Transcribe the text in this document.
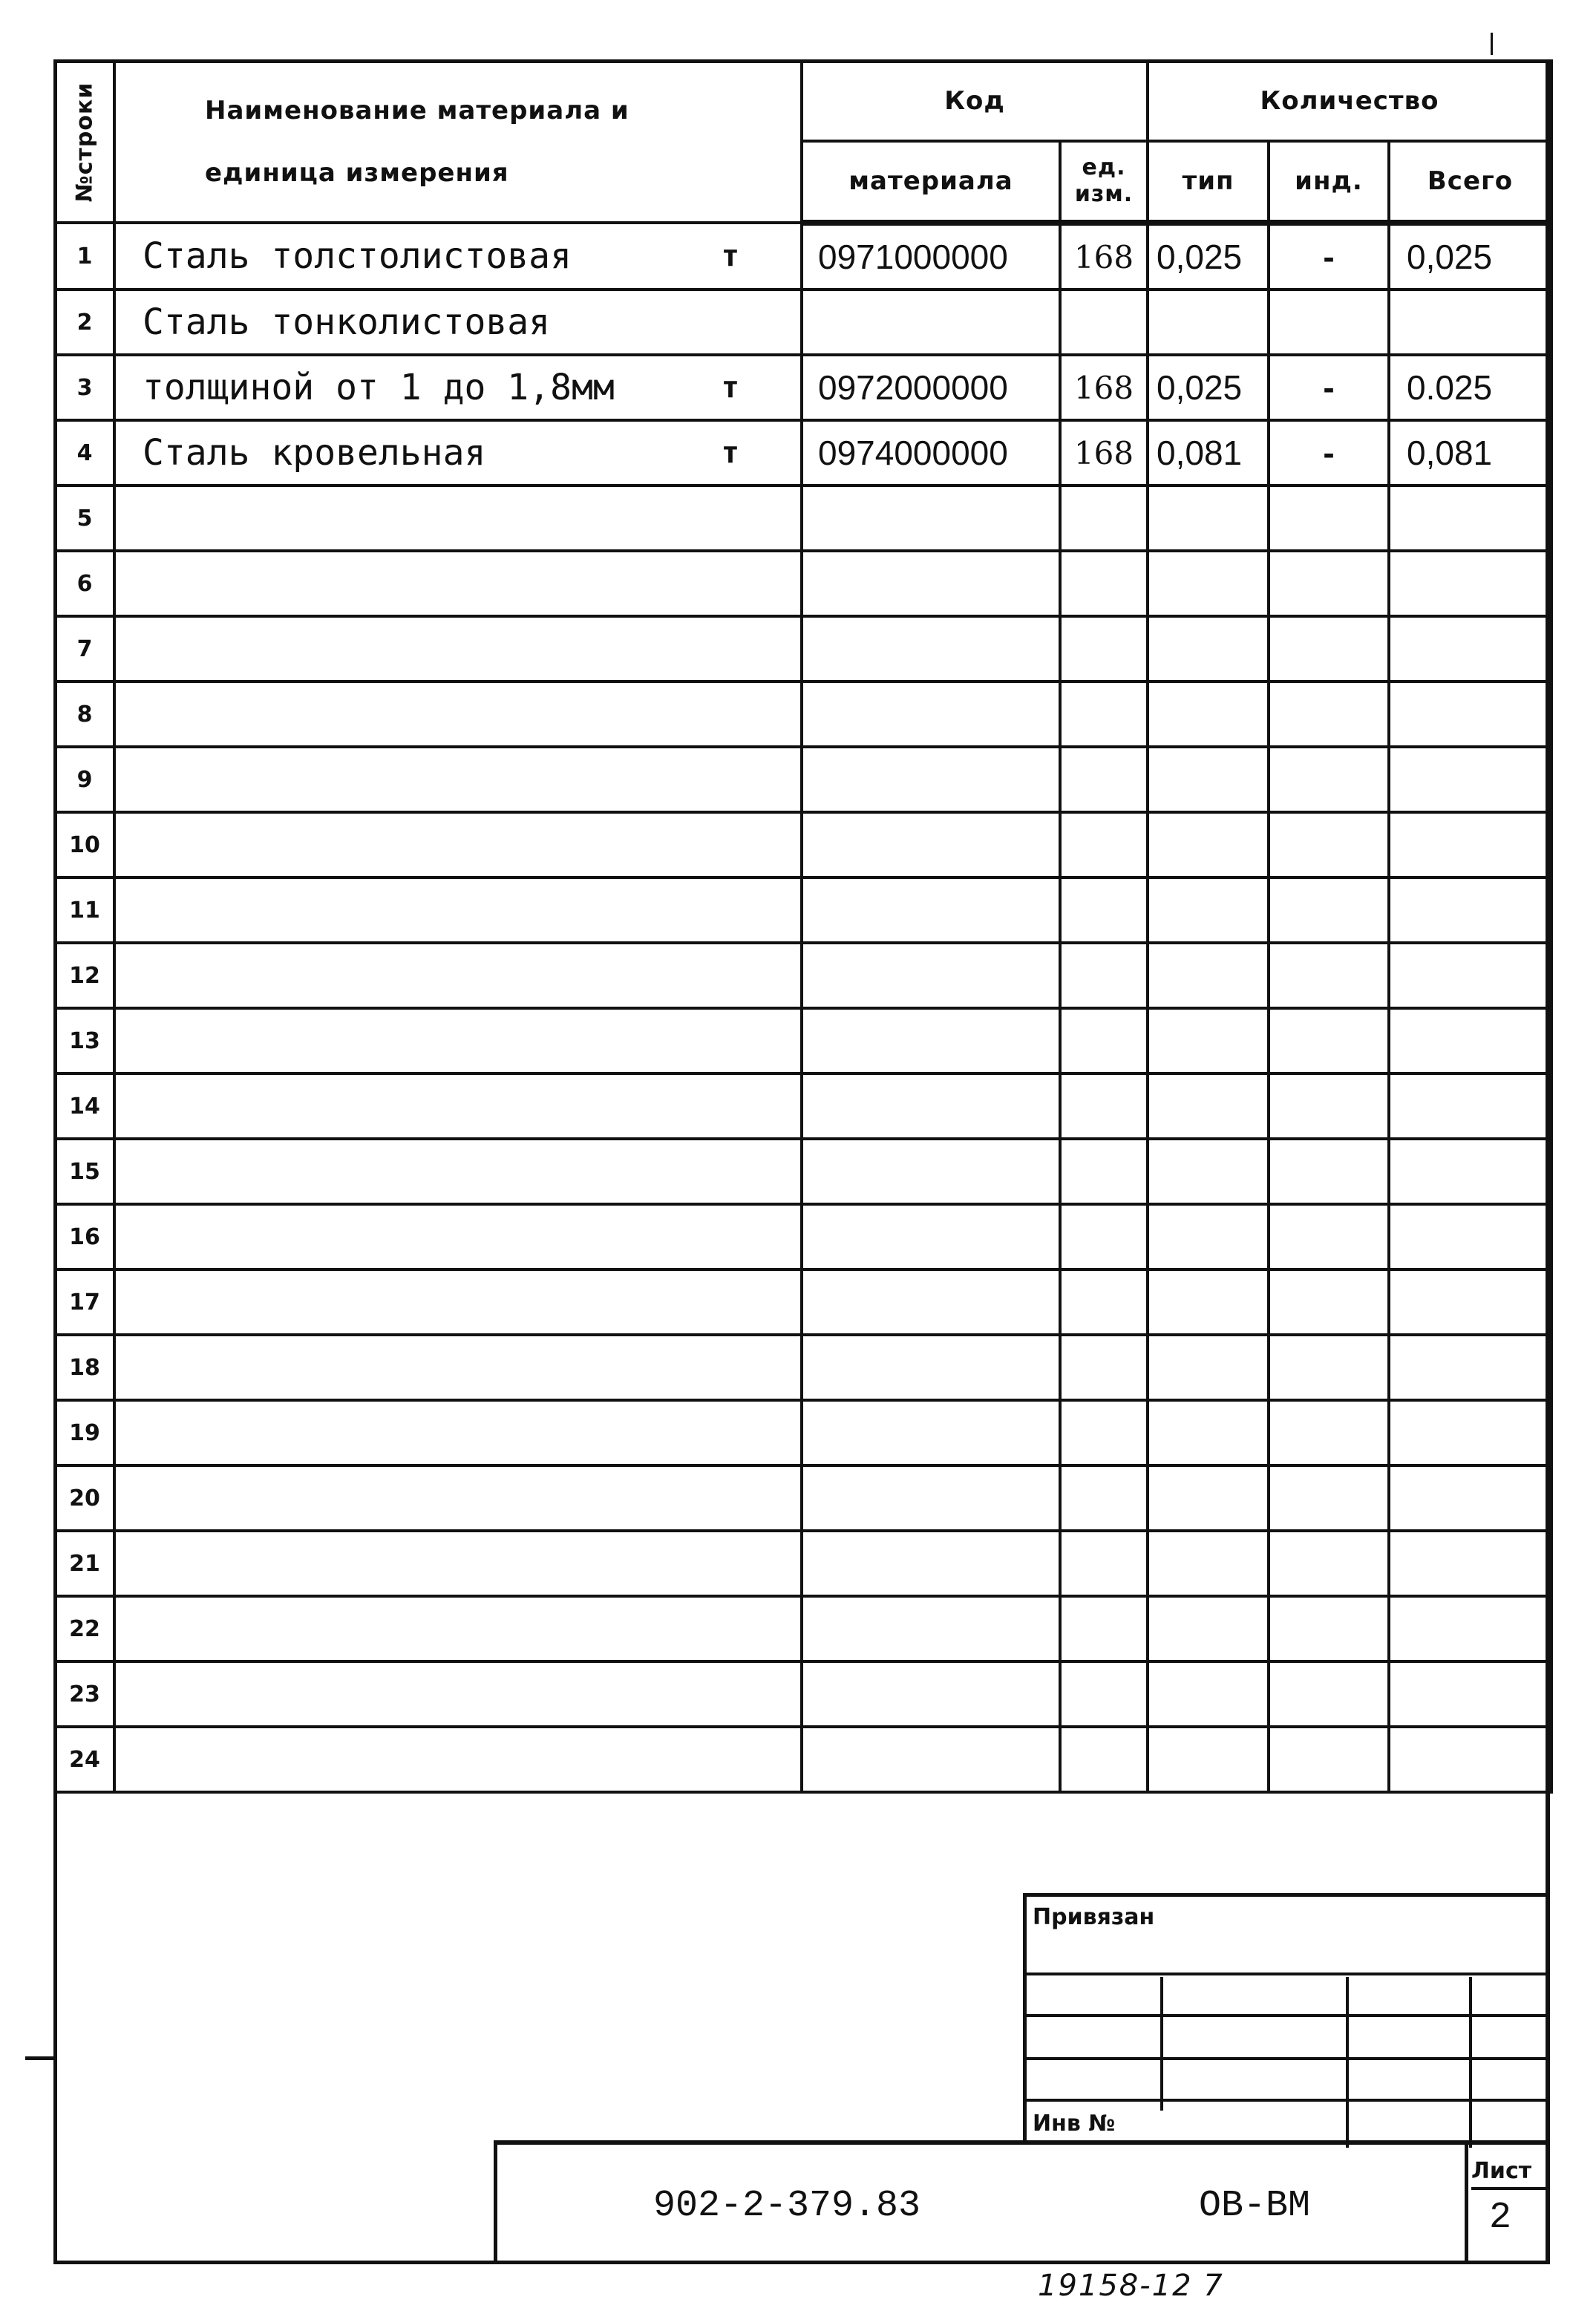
№строки	Наименование материала и единица измерения	Код		Количество		
		материала	ед. изм.	тип	инд.	Всего
1	Сталь толстолистовая т	0971000000	168	0,025	-	0,025
2	Сталь тонколистовая

3	толщиной от 1 до 1,8мм т	0972000000	168	0,025	-	0.025
4	Сталь кровельная т	0974000000	168	0,081	-	0,081
5	

6	

7	

8	

9	

10	

11	

12	

13	

14	

15	

16	

17	

18	

19	

20	

21	

22	

23	

24	

Привязан
Инв №
902-2-379.83	ОВ-ВМ
Лист
2
19158-12 7
